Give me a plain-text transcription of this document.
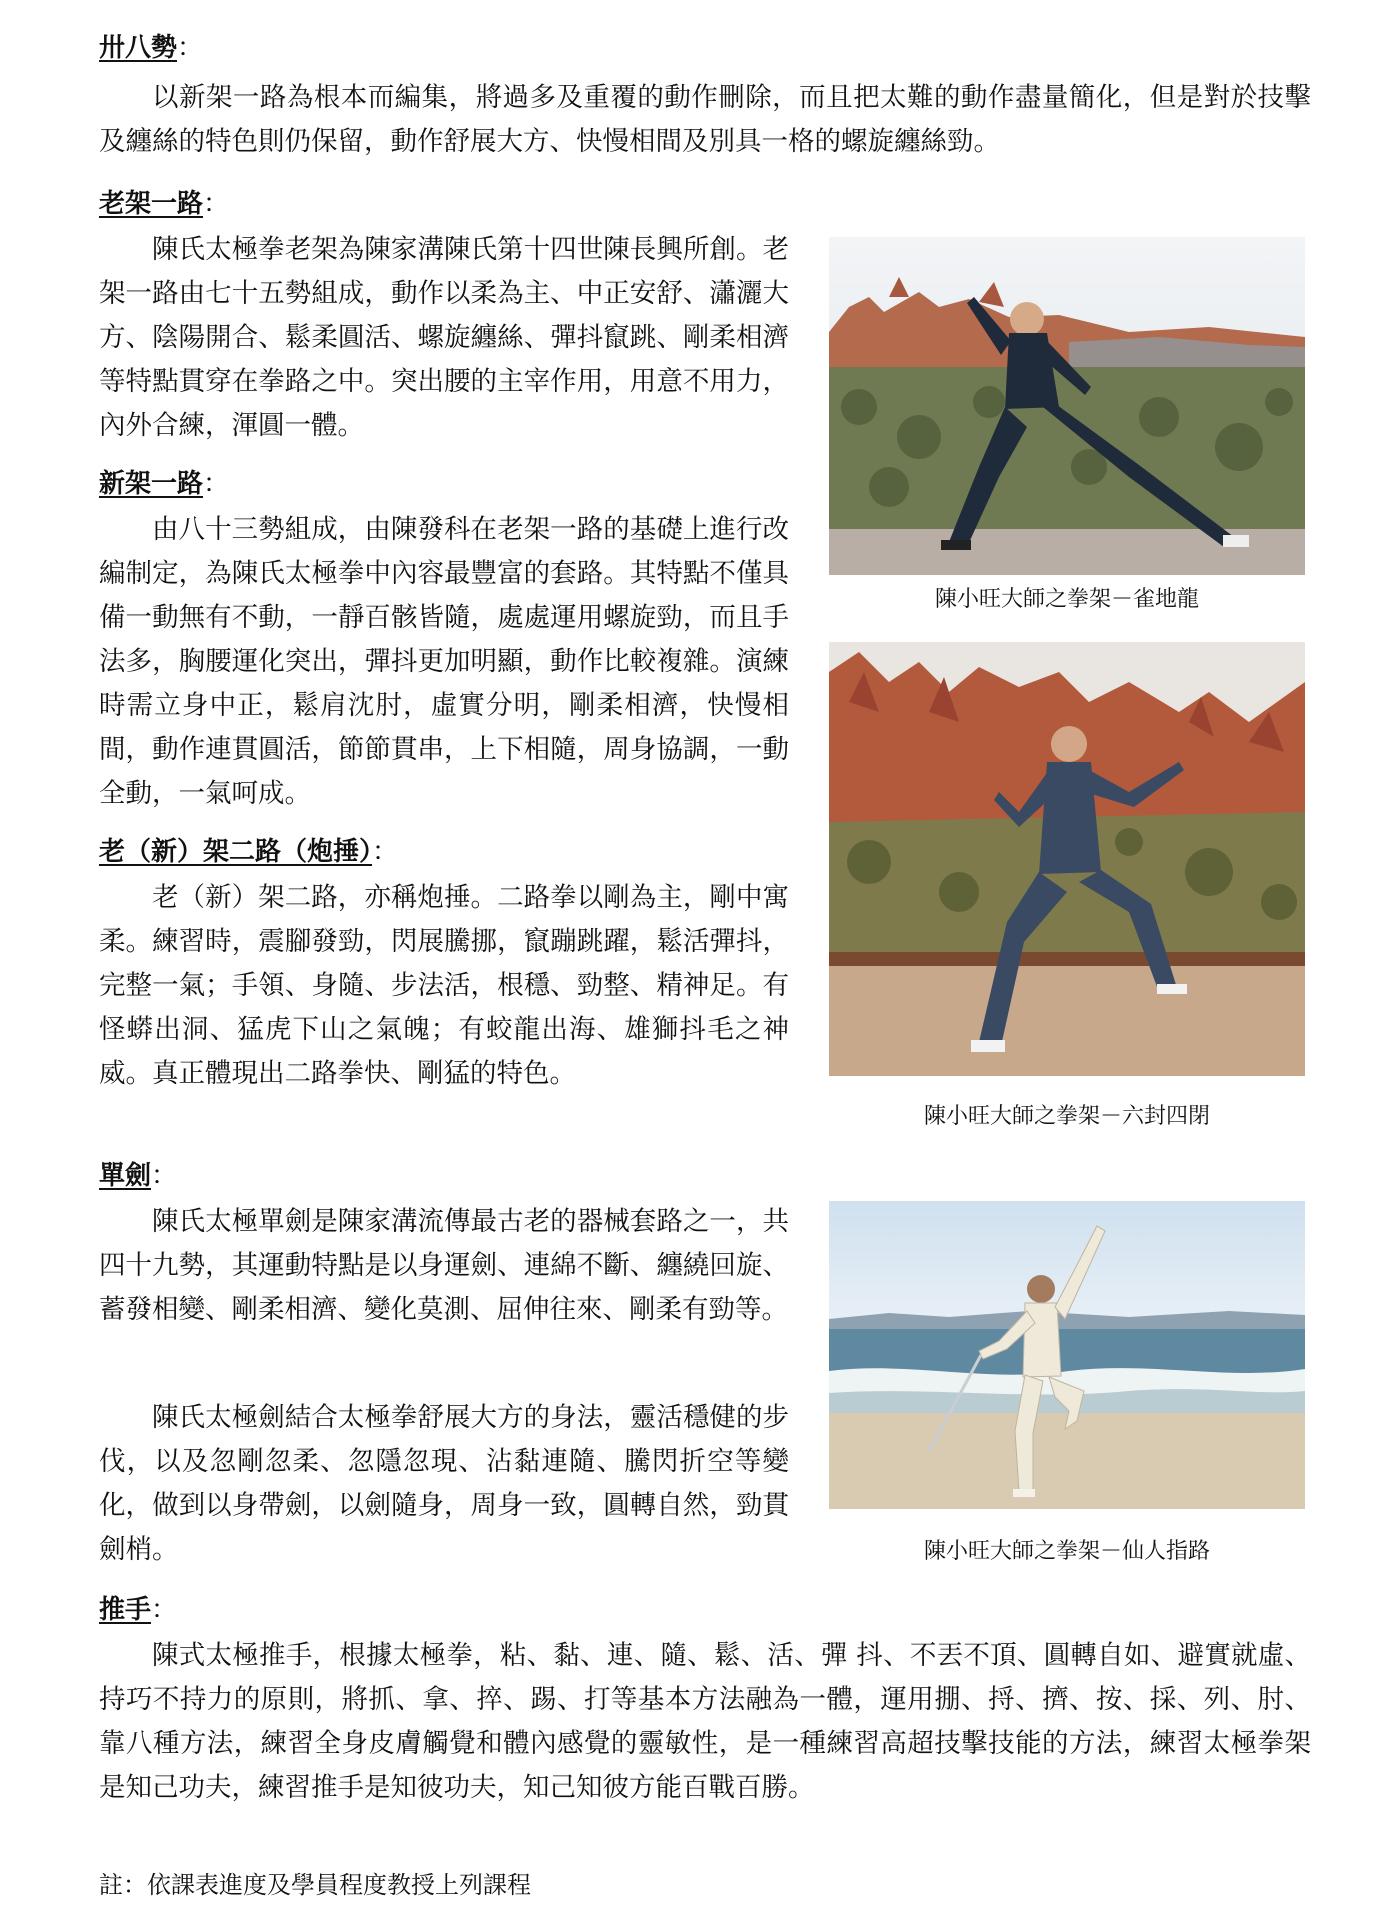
卅八勢：

以新架一路為根本而編集，將過多及重覆的動作刪除，而且把太難的動作盡量簡化，但是對於技擊及纏絲的特色則仍保留，動作舒展大方、快慢相間及別具一格的螺旋纏絲勁。

老架一路：

陳氏太極拳老架為陳家溝陳氏第十四世陳長興所創。老架一路由七十五勢組成，動作以柔為主、中正安舒、瀟灑大方、陰陽開合、鬆柔圓活、螺旋纏絲、彈抖竄跳、剛柔相濟等特點貫穿在拳路之中。突出腰的主宰作用，用意不用力，內外合練，渾圓一體。

新架一路：

由八十三勢組成，由陳發科在老架一路的基礎上進行改編制定，為陳氏太極拳中內容最豐富的套路。其特點不僅具備一動無有不動，一靜百骸皆隨，處處運用螺旋勁，而且手法多，胸腰運化突出，彈抖更加明顯，動作比較複雜。演練時需立身中正，鬆肩沈肘，虛實分明，剛柔相濟，快慢相間，動作連貫圓活，節節貫串，上下相隨，周身協調，一動全動，一氣呵成。

老（新）架二路（炮捶）：

老（新）架二路，亦稱炮捶。二路拳以剛為主，剛中寓柔。練習時，震腳發勁，閃展騰挪，竄蹦跳躍，鬆活彈抖，完整一氣；手領、身隨、步法活，根穩、勁整、精神足。有怪蟒出洞、猛虎下山之氣魄；有蛟龍出海、雄獅抖毛之神威。真正體現出二路拳快、剛猛的特色。

單劍：

陳氏太極單劍是陳家溝流傳最古老的器械套路之一，共四十九勢，其運動特點是以身運劍、連綿不斷、纏繞回旋、蓄發相變、剛柔相濟、變化莫測、屈伸往來、剛柔有勁等。

陳氏太極劍結合太極拳舒展大方的身法，靈活穩健的步伐，以及忽剛忽柔、忽隱忽現、沾黏連隨、騰閃折空等變化，做到以身帶劍，以劍隨身，周身一致，圓轉自然，勁貫劍梢。

推手：

陳式太極推手，根據太極拳，粘、黏、連、隨、鬆、活、彈 抖、不丟不頂、圓轉自如、避實就虛、持巧不持力的原則，將抓、拿、捽、踢、打等基本方法融為一體，運用掤、捋、擠、按、採、列、肘、靠八種方法，練習全身皮膚觸覺和體內感覺的靈敏性，是一種練習高超技擊技能的方法，練習太極拳架是知己功夫，練習推手是知彼功夫，知己知彼方能百戰百勝。

陳小旺大師之拳架－雀地龍

陳小旺大師之拳架－六封四閉

陳小旺大師之拳架－仙人指路

註：依課表進度及學員程度教授上列課程
